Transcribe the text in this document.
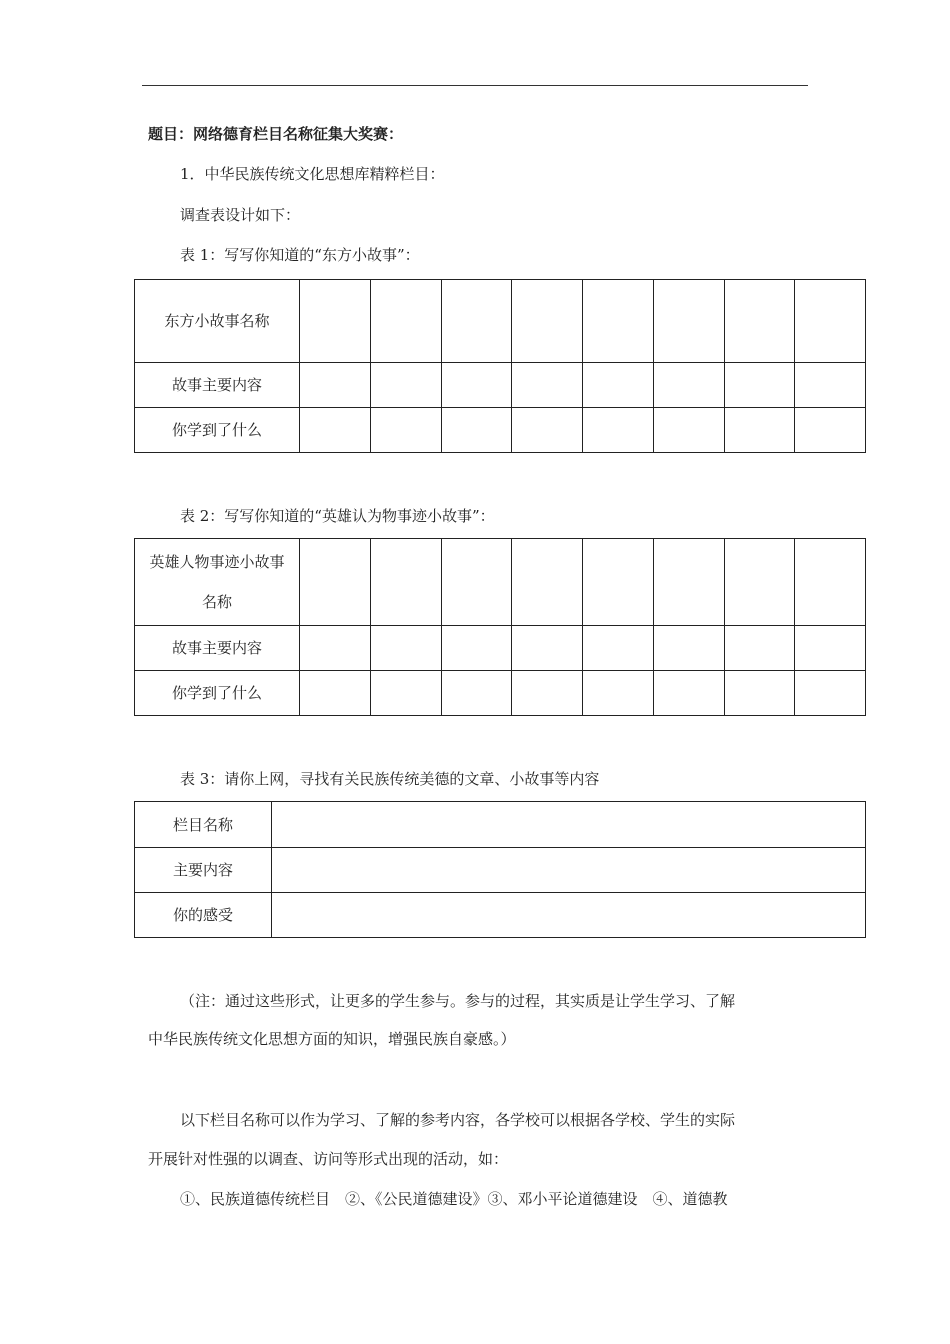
题目：网络德育栏目名称征集大奖赛：
1．中华民族传统文化思想库精粹栏目：
调查表设计如下：
表 1：写写你知道的“东方小故事”：
东方小故事名称								
故事主要内容								
你学到了什么								
表 2：写写你知道的“英雄认为物事迹小故事”：
英雄人物事迹小故事名称								
故事主要内容								
你学到了什么								
表 3：请你上网，寻找有关民族传统美德的文章、小故事等内容
栏目名称	
主要内容	
你的感受	
（注：通过这些形式，让更多的学生参与。参与的过程，其实质是让学生学习、了解
中华民族传统文化思想方面的知识，增强民族自豪感。）
以下栏目名称可以作为学习、了解的参考内容，各学校可以根据各学校、学生的实际
开展针对性强的以调查、访问等形式出现的活动，如：
①、民族道德传统栏目　②、《公民道德建设》③、邓小平论道德建设　④、道德教
